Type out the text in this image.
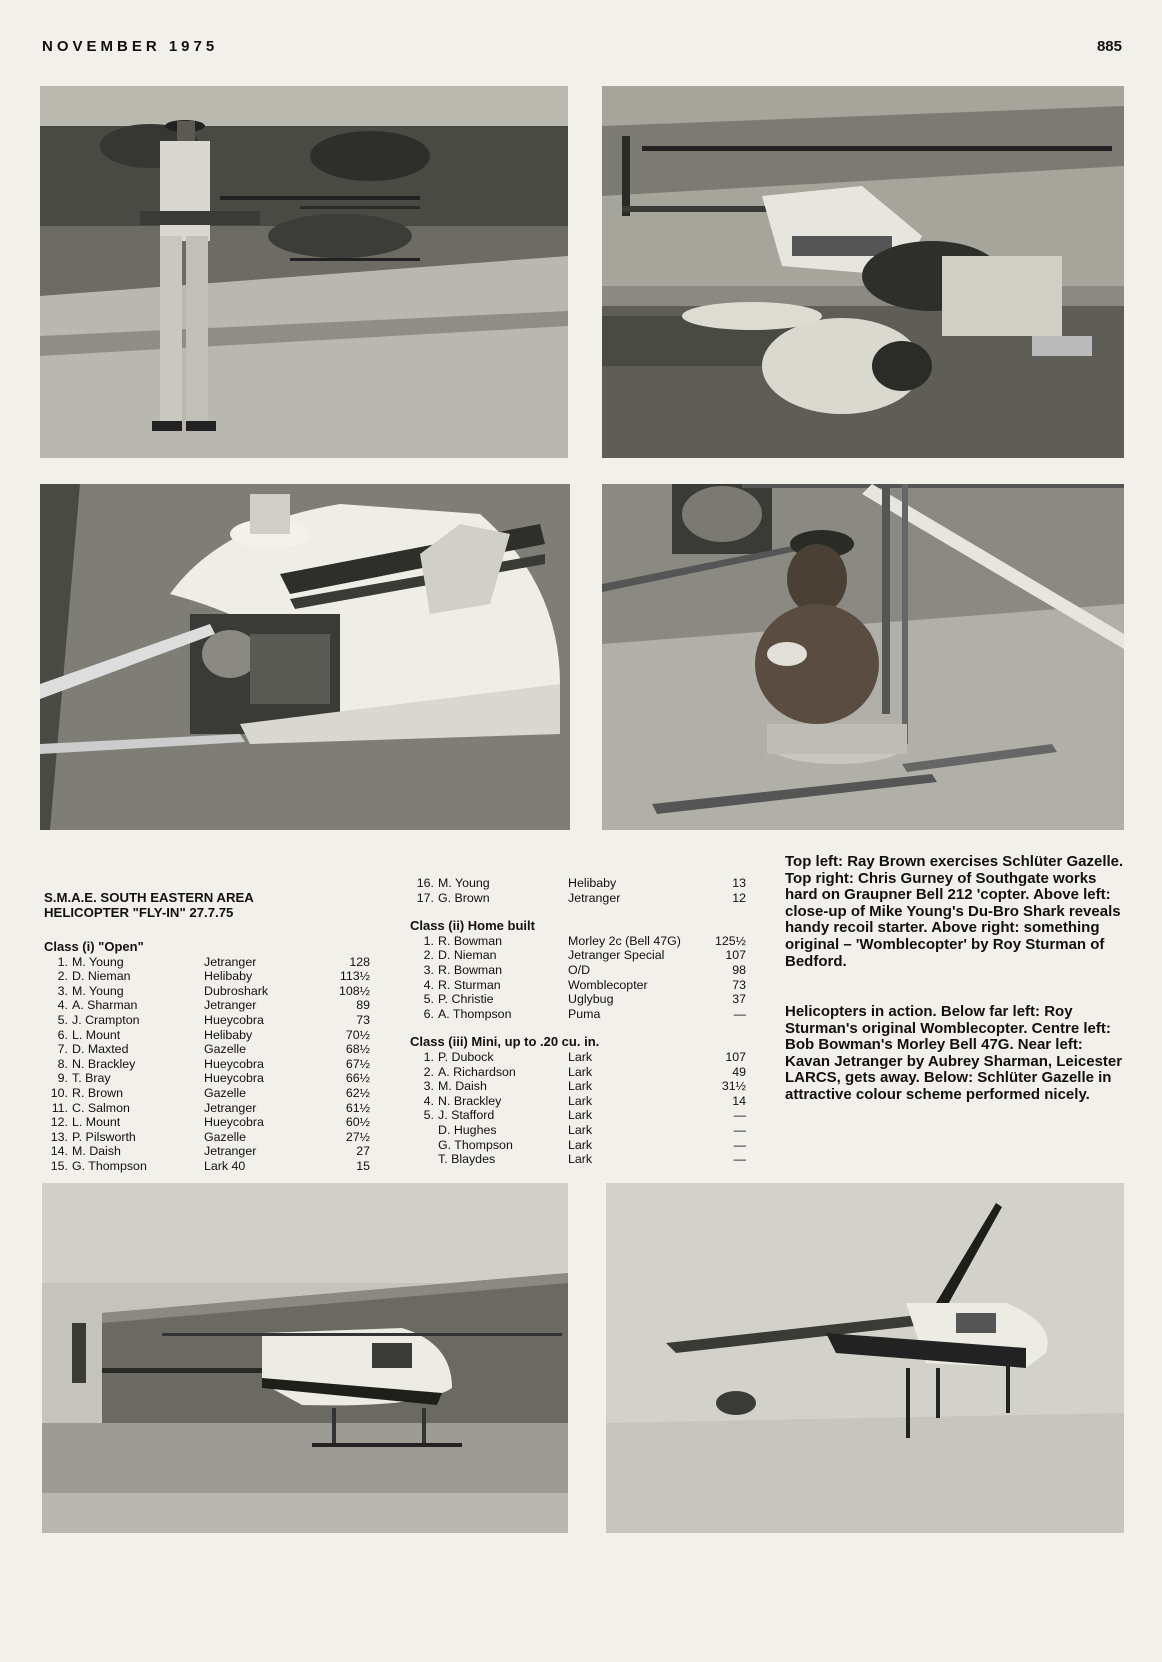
NOVEMBER 1975	885
S.M.A.E. SOUTH EASTERN AREA
HELICOPTER "FLY-IN" 27.7.75
Class (i) "Open"
1. M. Young	Jetranger	128
2. D. Nieman	Helibaby	113½
3. M. Young	Dubroshark	108½
4. A. Sharman	Jetranger	89
5. J. Crampton	Hueycobra	73
6. L. Mount	Helibaby	70½
7. D. Maxted	Gazelle	68½
8. N. Brackley	Hueycobra	67½
9. T. Bray	Hueycobra	66½
10. R. Brown	Gazelle	62½
11. C. Salmon	Jetranger	61½
12. L. Mount	Hueycobra	60½
13. P. Pilsworth	Gazelle	27½
14. M. Daish	Jetranger	27
15. G. Thompson	Lark 40	15
16. M. Young	Helibaby	13
17. G. Brown	Jetranger	12
Class (ii) Home built
1. R. Bowman	Morley 2c (Bell 47G)	125½
2. D. Nieman	Jetranger Special	107
3. R. Bowman	O/D	98
4. R. Sturman	Womblecopter	73
5. P. Christie	Uglybug	37
6. A. Thompson	Puma	—
Class (iii) Mini, up to .20 cu. in.
1. P. Dubock	Lark	107
2. A. Richardson	Lark	49
3. M. Daish	Lark	31½
4. N. Brackley	Lark	14
5. J. Stafford	Lark	—
D. Hughes	Lark	—
G. Thompson	Lark	—
T. Blaydes	Lark	—
Top left: Ray Brown exercises Schlüter Gazelle. Top right: Chris Gurney of Southgate works hard on Graupner Bell 212 'copter. Above left: close-up of Mike Young's Du-Bro Shark reveals handy recoil starter. Above right: something original – 'Womblecopter' by Roy Sturman of Bedford.
Helicopters in action. Below far left: Roy Sturman's original Womblecopter. Centre left: Bob Bowman's Morley Bell 47G. Near left: Kavan Jetranger by Aubrey Sharman, Leicester LARCS, gets away. Below: Schlüter Gazelle in attractive colour scheme performed nicely.
